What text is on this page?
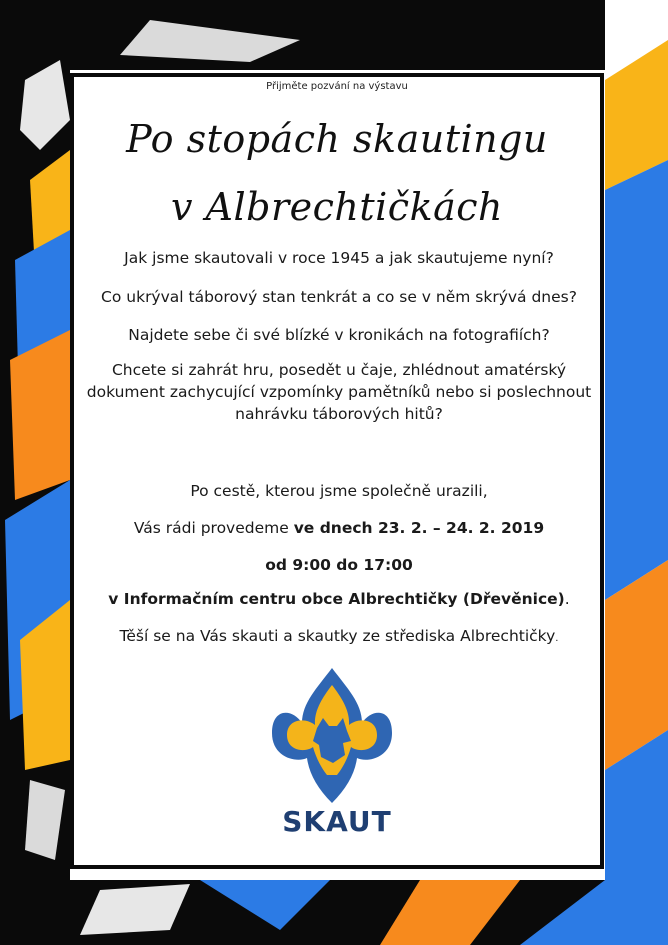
Přijměte pozvání na výstavu
Po stopách skautingu
v Albrechtičkách
Jak jsme skautovali v roce 1945 a jak skautujeme nyní?
Co ukrýval táborový stan tenkrát a co se v něm skrývá dnes?
Najdete sebe či své blízké v kronikách na fotografiích?
Chcete si zahrát hru, posedět u čaje, zhlédnout amatérský dokument zachycující vzpomínky pamětníků nebo si poslechnout nahrávku táborových hitů?
Po cestě, kterou jsme společně urazili,
Vás rádi provedeme ve dnech 23. 2. – 24. 2. 2019
od 9:00 do 17:00
v Informačním centru obce Albrechtičky (Dřevěnice).
Těší se na Vás skauti a skautky ze střediska Albrechtičky.
SKAUT
